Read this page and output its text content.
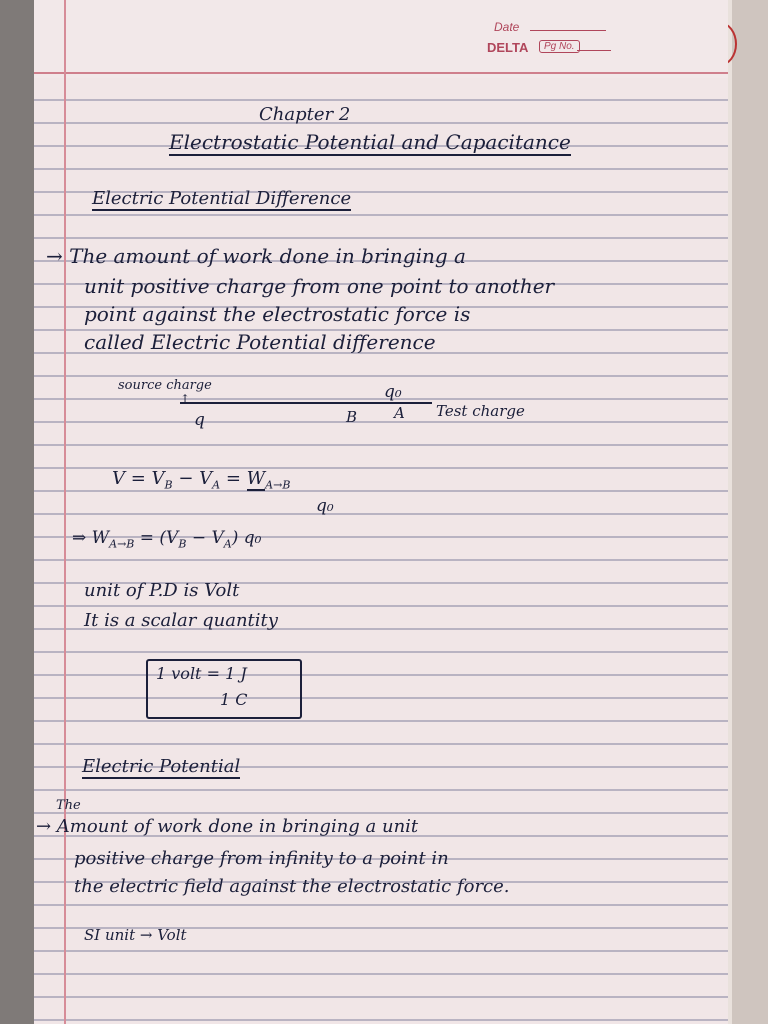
Date
DELTA	Pg No.
Chapter 2
Electrostatic Potential and Capacitance
Electric Potential Difference
→ The amount of work done in bringing a
unit positive charge from one point to another
point against the electrostatic force is
called Electric Potential difference
source charge
↑
q	B A
q₀
Test charge
$V = V_B - V_A = W_{A\to B}$
q₀
⇒ $W_{A\to B} = (V_B - V_A)$ q₀
unit of P.D is Volt
It is a scalar quantity
1 volt = 1 J
1 C
Electric Potential
The
→ Amount of work done in bringing a unit
positive charge from infinity to a point in
the electric field against the electrostatic force.
SI unit → Volt
